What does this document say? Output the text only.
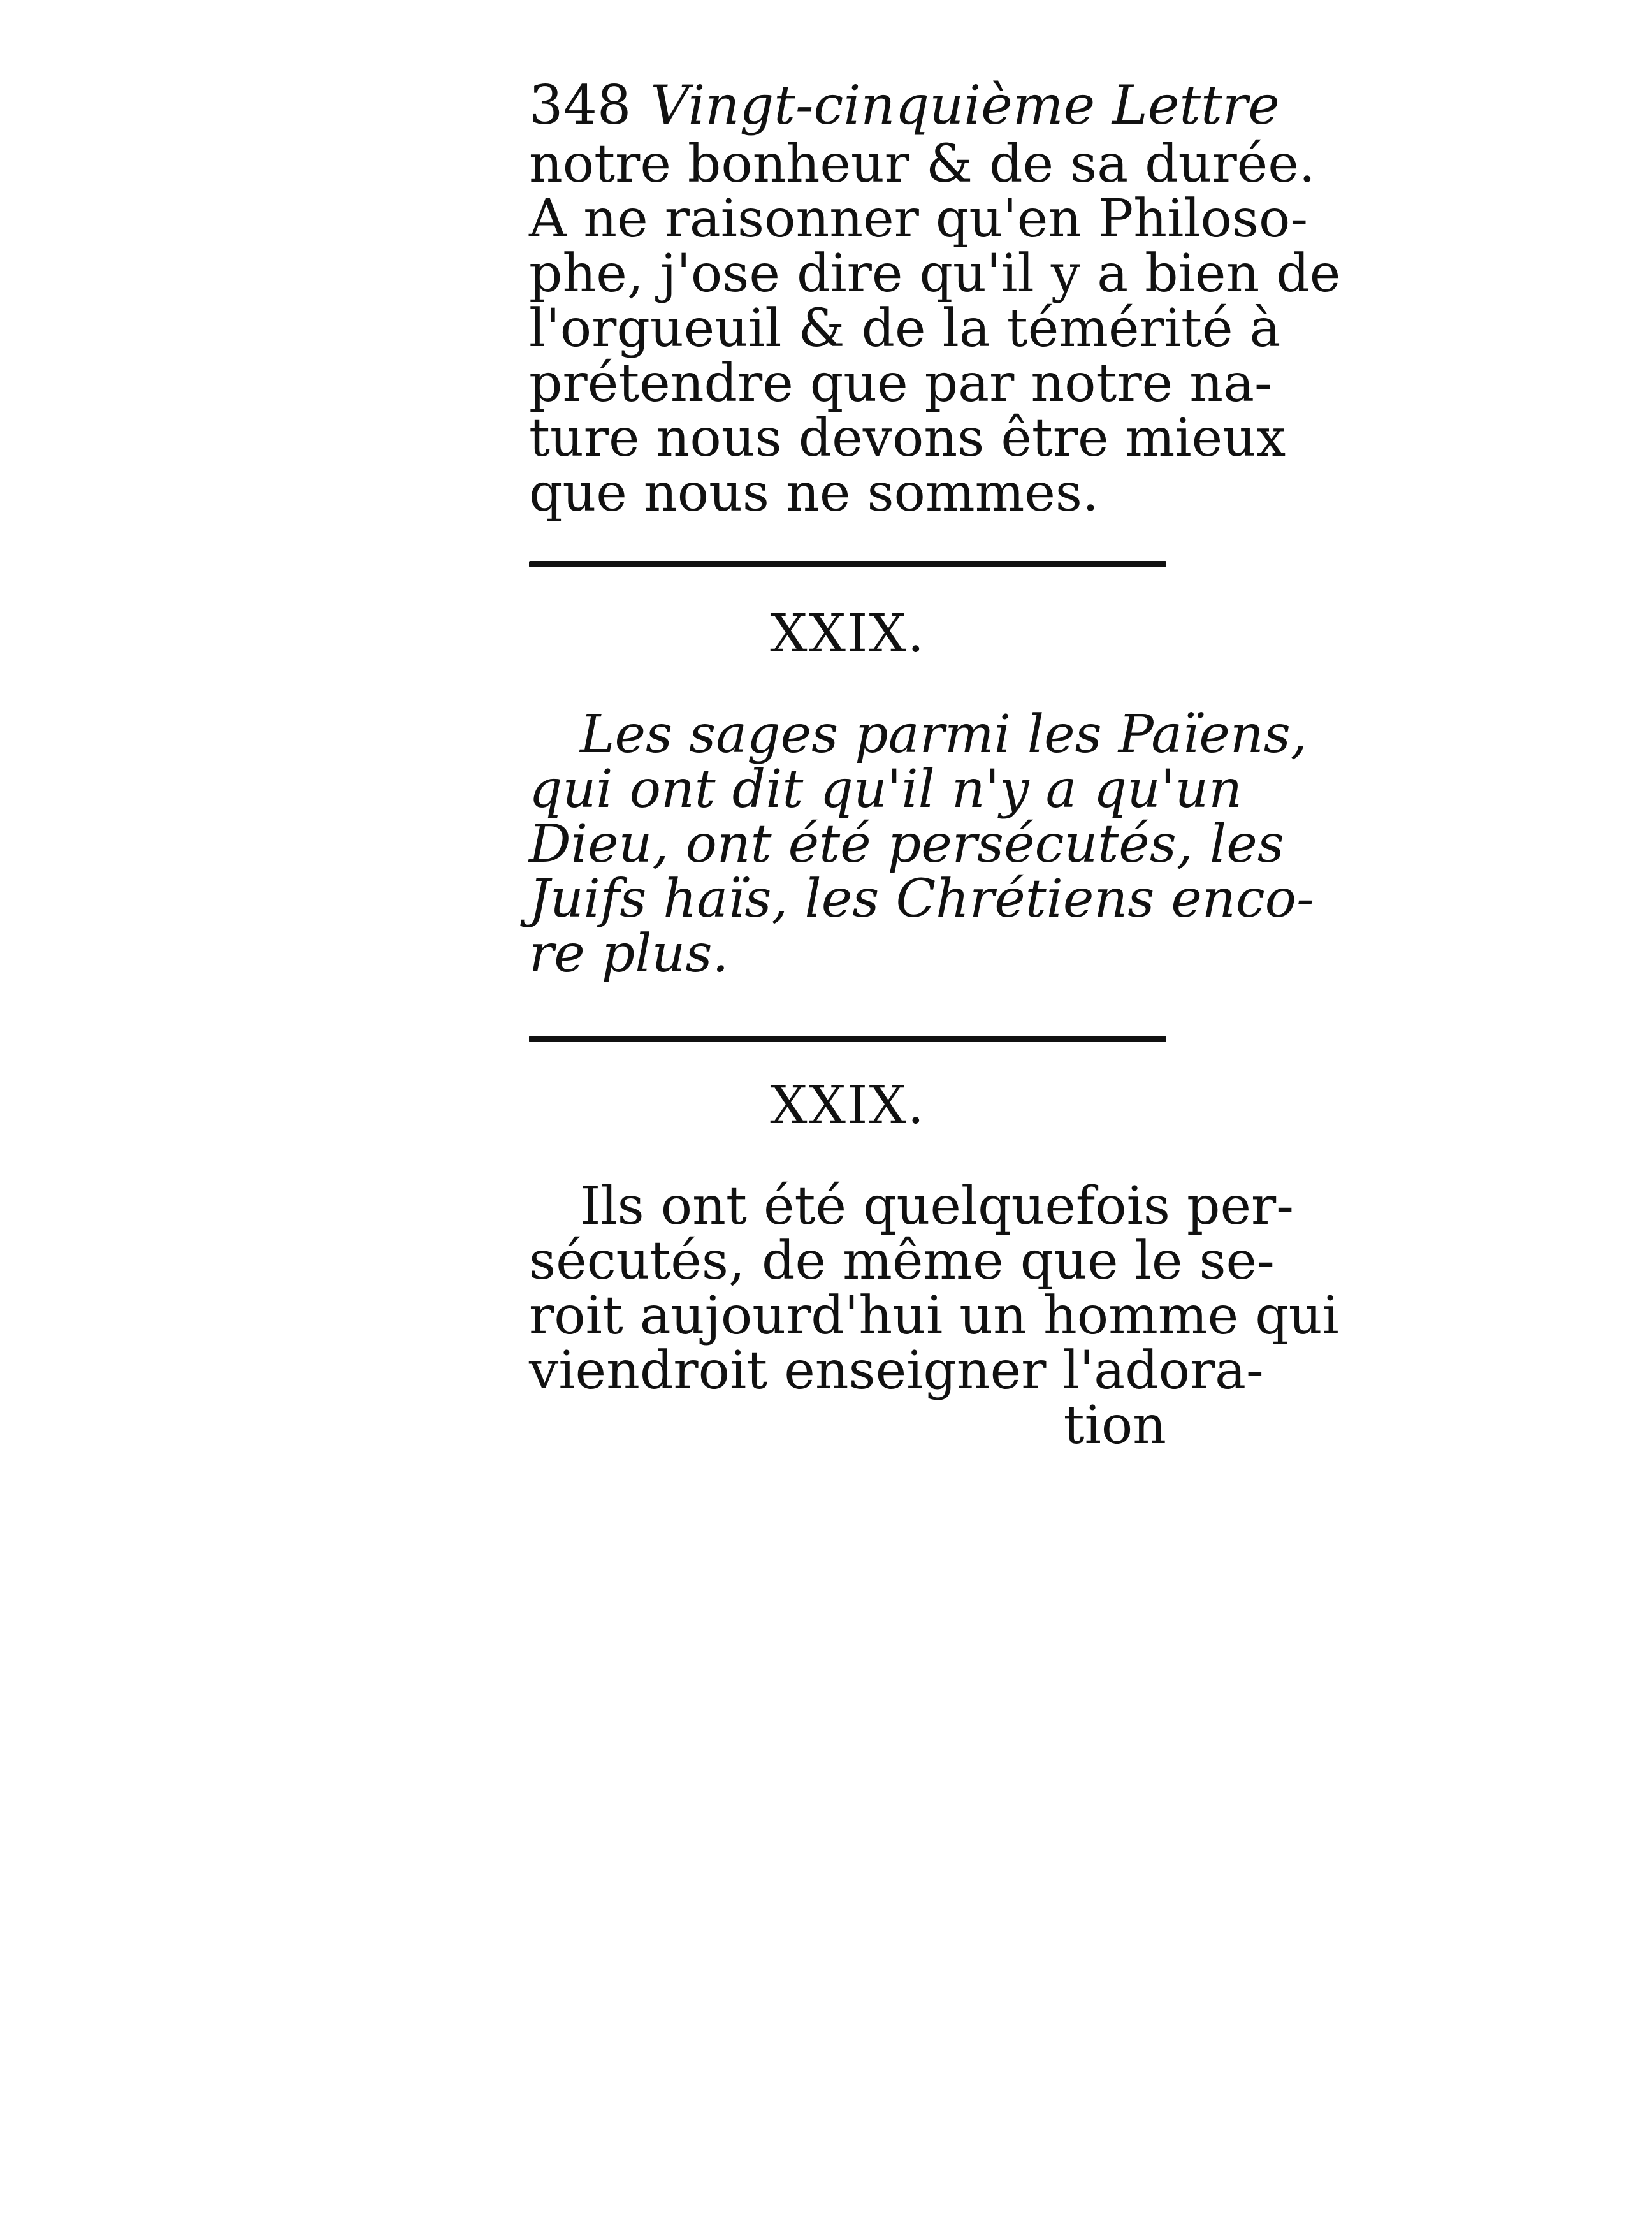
348 Vingt-cinquième Lettre
notre bonheur & de sa durée.
A ne raisonner qu'en Philoso-
phe, j'ose dire qu'il y a bien de
l'orgueuil & de la témérité à
prétendre que par notre na-
ture nous devons être mieux
que nous ne sommes.
XXIX.
Les sages parmi les Païens,
qui ont dit qu'il n'y a qu'un
Dieu, ont été persécutés, les
Juifs haïs, les Chrétiens enco-
re plus.
XXIX.
Ils ont été quelquefois per-
sécutés, de même que le se-
roit aujourd'hui un homme qui
viendroit enseigner l'adora-
tion
